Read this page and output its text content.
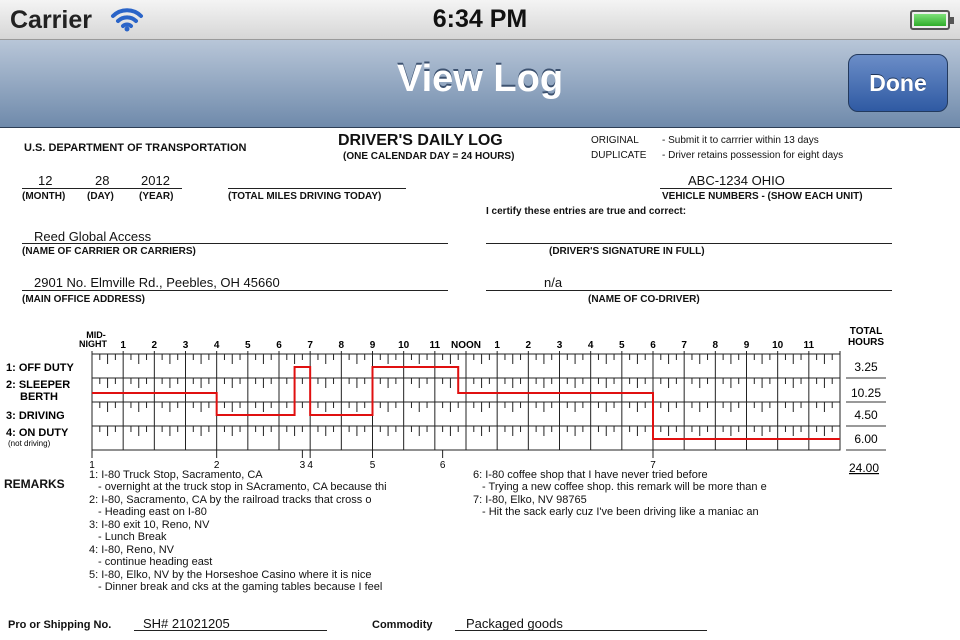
Carrier	6:34 PM
View Log	Done
U.S. DEPARTMENT OF TRANSPORTATION	DRIVER'S DAILY LOG
(ONE CALENDAR DAY = 24 HOURS)
ORIGINAL - Submit it to carrrier within 13 days
DUPLICATE - Driver retains possession for eight days
12	28 2012
(MONTH) (DAY)	(YEAR)	(TOTAL MILES DRIVING TODAY)
ABC-1234 OHIO
VEHICLE NUMBERS - (SHOW EACH UNIT)
I certify these entries are true and correct:
Reed Global Access
(NAME OF CARRIER OR CARRIERS)	(DRIVER'S SIGNATURE IN FULL)
2901 No. Elmville Rd., Peebles, OH 45660
(MAIN OFFICE ADDRESS)
n/a
(NAME OF CO-DRIVER)
MID-
NIGHT 1	2	3	4	5	6	7	8	9 10 11 NOON 1	2	3	4	5	6	7	8	9 10 11
TOTAL
HOURS
1: OFF DUTY	3.25
2: SLEEPER
BERTH	10.25
3: DRIVING	4.50
4: ON DUTY
(not driving)	6.00
24.00
1	2	3 4	5	6	7
REMARKS
1: I-80 Truck Stop, Sacramento, CA
- overnight at the truck stop in SAcramento, CA because thi
2: I-80, Sacramento, CA by the railroad tracks that cross o
- Heading east on I-80
3: I-80 exit 10, Reno, NV
- Lunch Break
4: I-80, Reno, NV
- continue heading east
5: I-80, Elko, NV by the Horseshoe Casino where it is nice
- Dinner break and cks at the gaming tables because I feel
6: I-80 coffee shop that I have never tried before
- Trying a new coffee shop. this remark will be more than e
7: I-80, Elko, NV 98765
- Hit the sack early cuz I've been driving like a maniac an
Pro or Shipping No. SH# 21021205	Commodity	Packaged goods
